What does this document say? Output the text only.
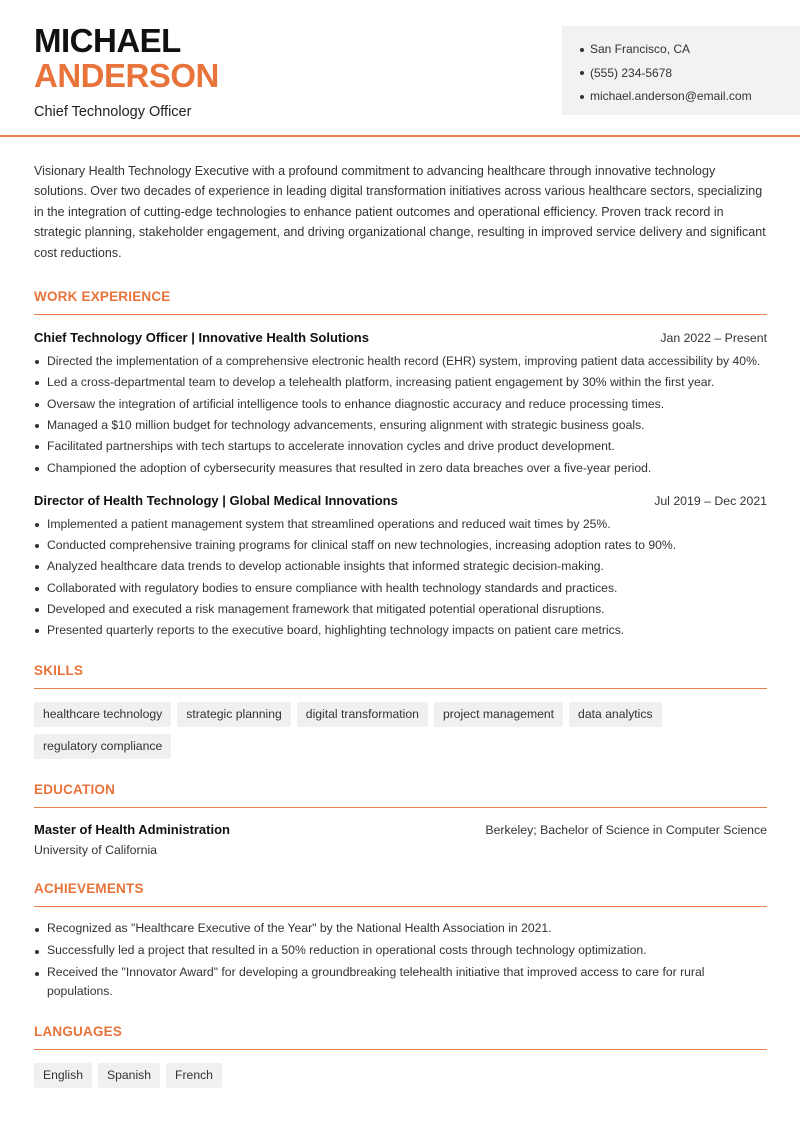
MICHAEL
ANDERSON
Chief Technology Officer
San Francisco, CA
(555) 234-5678
michael.anderson@email.com

Visionary Health Technology Executive with a profound commitment to advancing healthcare through innovative technology solutions. Over two decades of experience in leading digital transformation initiatives across various healthcare sectors, specializing in the integration of cutting-edge technologies to enhance patient outcomes and operational efficiency. Proven track record in strategic planning, stakeholder engagement, and driving organizational change, resulting in improved service delivery and significant cost reductions.

WORK EXPERIENCE
Chief Technology Officer | Innovative Health Solutions	Jan 2022 – Present
Directed the implementation of a comprehensive electronic health record (EHR) system, improving patient data accessibility by 40%.
Led a cross-departmental team to develop a telehealth platform, increasing patient engagement by 30% within the first year.
Oversaw the integration of artificial intelligence tools to enhance diagnostic accuracy and reduce processing times.
Managed a $10 million budget for technology advancements, ensuring alignment with strategic business goals.
Facilitated partnerships with tech startups to accelerate innovation cycles and drive product development.
Championed the adoption of cybersecurity measures that resulted in zero data breaches over a five-year period.
Director of Health Technology | Global Medical Innovations	Jul 2019 – Dec 2021
Implemented a patient management system that streamlined operations and reduced wait times by 25%.
Conducted comprehensive training programs for clinical staff on new technologies, increasing adoption rates to 90%.
Analyzed healthcare data trends to develop actionable insights that informed strategic decision-making.
Collaborated with regulatory bodies to ensure compliance with health technology standards and practices.
Developed and executed a risk management framework that mitigated potential operational disruptions.
Presented quarterly reports to the executive board, highlighting technology impacts on patient care metrics.
SKILLS
healthcare technology	strategic planning	digital transformation	project management	data analytics
regulatory compliance
EDUCATION
Master of Health Administration	Berkeley; Bachelor of Science in Computer Science
University of California
ACHIEVEMENTS
Recognized as "Healthcare Executive of the Year" by the National Health Association in 2021.
Successfully led a project that resulted in a 50% reduction in operational costs through technology optimization.
Received the "Innovator Award" for developing a groundbreaking telehealth initiative that improved access to care for rural populations.
LANGUAGES
English	Spanish	French
